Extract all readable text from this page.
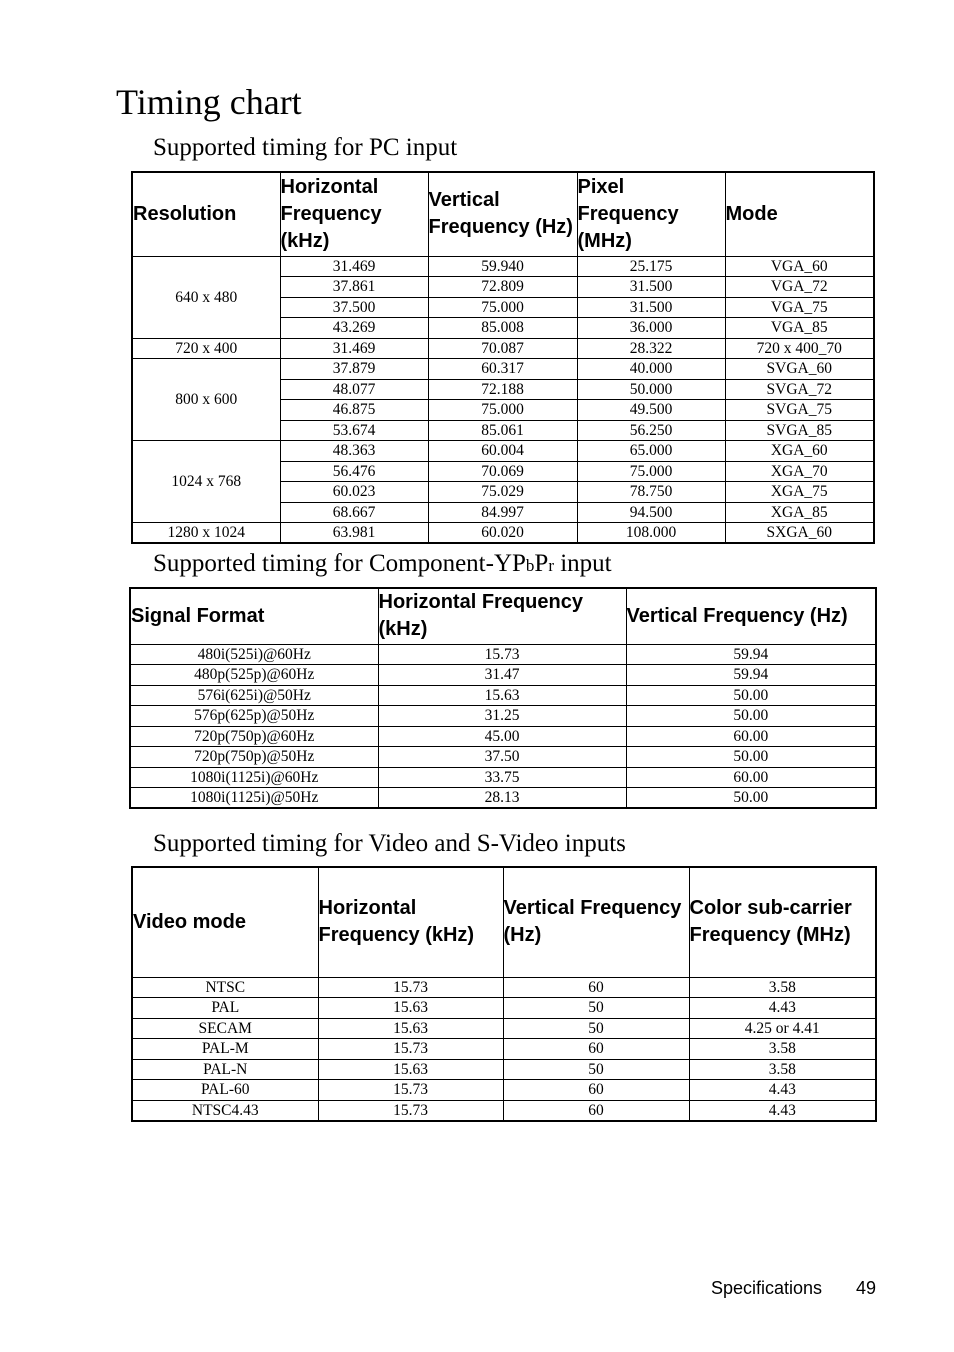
Timing chart
Supported timing for PC input
Resolution	Horizontal Frequency (kHz)	Vertical Frequency (Hz)	Pixel Frequency (MHz)	Mode
640 x 480	31.469	59.940	25.175	VGA_60
	37.861	72.809	31.500	VGA_72
	37.500	75.000	31.500	VGA_75
	43.269	85.008	36.000	VGA_85
720 x 400	31.469	70.087	28.322	720 x 400_70
800 x 600	37.879	60.317	40.000	SVGA_60
	48.077	72.188	50.000	SVGA_72
	46.875	75.000	49.500	SVGA_75
	53.674	85.061	56.250	SVGA_85
1024 x 768	48.363	60.004	65.000	XGA_60
	56.476	70.069	75.000	XGA_70
	60.023	75.029	78.750	XGA_75
	68.667	84.997	94.500	XGA_85
1280 x 1024	63.981	60.020	108.000	SXGA_60
Supported timing for Component-YPbPr input
Signal Format	Horizontal Frequency (kHz)	Vertical Frequency (Hz)
480i(525i)@60Hz	15.73	59.94
480p(525p)@60Hz	31.47	59.94
576i(625i)@50Hz	15.63	50.00
576p(625p)@50Hz	31.25	50.00
720p(750p)@60Hz	45.00	60.00
720p(750p)@50Hz	37.50	50.00
1080i(1125i)@60Hz	33.75	60.00
1080i(1125i)@50Hz	28.13	50.00
Supported timing for Video and S-Video inputs
Video mode	Horizontal Frequency (kHz)	Vertical Frequency (Hz)	Color sub-carrier Frequency (MHz)
NTSC	15.73	60	3.58
PAL	15.63	50	4.43
SECAM	15.63	50	4.25 or 4.41
PAL-M	15.73	60	3.58
PAL-N	15.63	50	3.58
PAL-60	15.73	60	4.43
NTSC4.43	15.73	60	4.43
Specifications 49
